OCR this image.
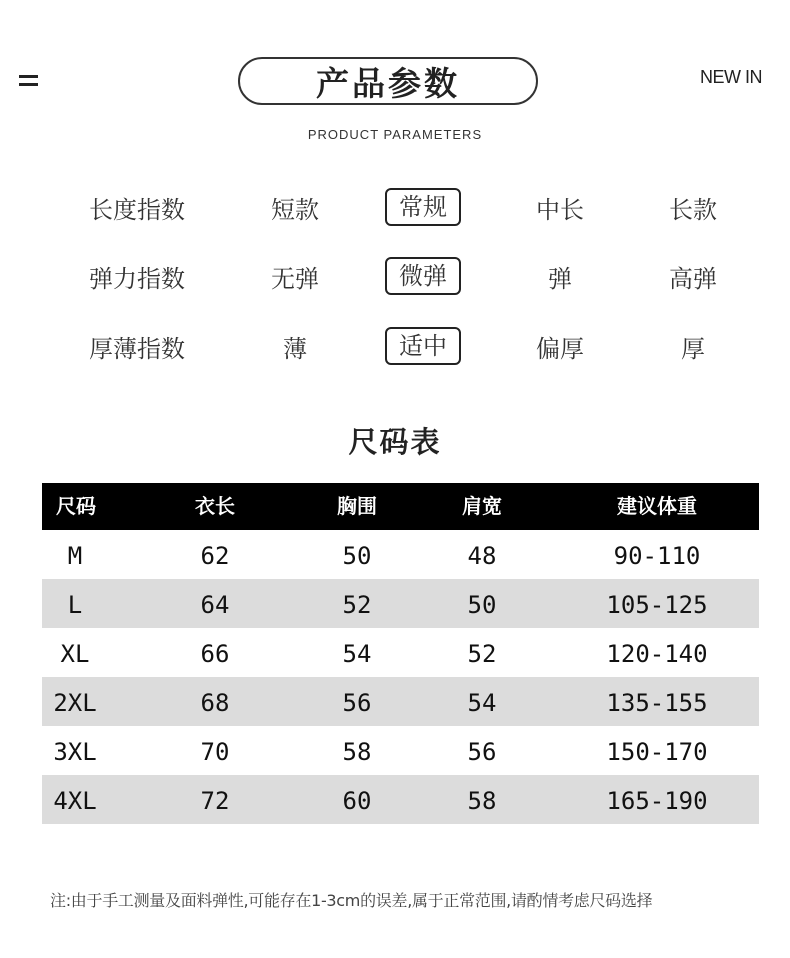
NEW IN
产品参数
PRODUCT PARAMETERS
长度指数	短款	常规	中长	长款
弹力指数	无弹	微弹	弹	高弹
厚薄指数	薄	适中	偏厚	厚
尺码表
尺码	衣长	胸围	肩宽	建议体重
M	62	50	48	90-110
L	64	52	50	105-125
XL	66	54	52	120-140
2XL	68	56	54	135-155
3XL	70	58	56	150-170
4XL	72	60	58	165-190
注:由于手工测量及面料弹性,可能存在1-3cm的误差,属于正常范围,请酌情考虑尺码选择
